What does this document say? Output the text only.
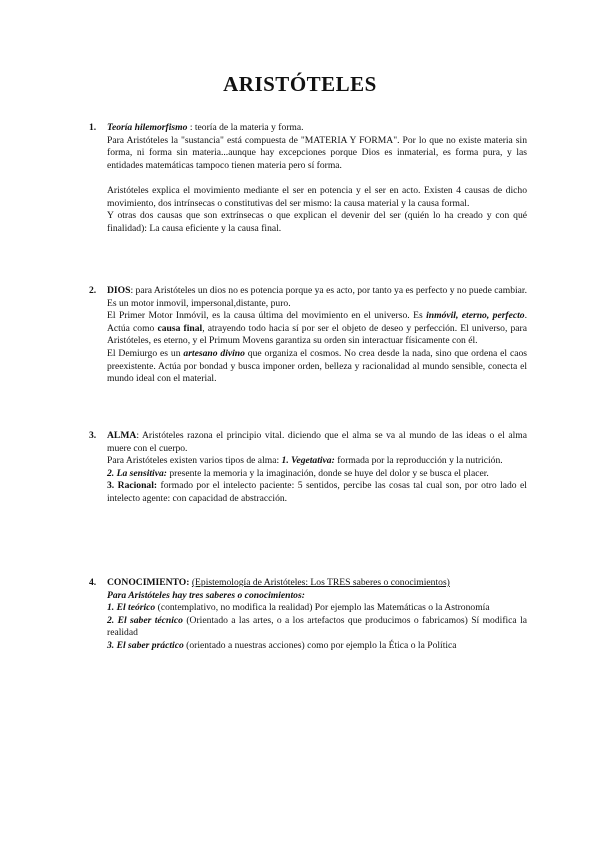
ARISTÓTELES
1. Teoría hilemorfismo : teoría de la materia y forma.

Para Aristóteles la "sustancia" está compuesta de "MATERIA Y FORMA". Por lo que no existe materia sin forma, ni forma sin materia...aunque hay excepciones porque Dios es inmaterial, es forma pura, y las entidades matemáticas tampoco tienen materia pero sí forma.

Aristóteles explica el movimiento mediante el ser en potencia y el ser en acto. Existen 4 causas de dicho movimiento, dos intrínsecas o constitutivas del ser mismo: la causa material y la causa formal.

Y otras dos causas que son extrínsecas o que explican el devenir del ser (quién lo ha creado y con qué finalidad): La causa eficiente y la causa final.

2. DIOS: para Aristóteles un dios no es potencia porque ya es acto, por tanto ya es perfecto y no puede cambiar. Es un motor inmovil, impersonal,distante, puro.

El Primer Motor Inmóvil, es la causa última del movimiento en el universo. Es inmóvil, eterno, perfecto. Actúa como causa final, atrayendo todo hacia sí por ser el objeto de deseo y perfección. El universo, para Aristóteles, es eterno, y el Primum Movens garantiza su orden sin interactuar físicamente con él.

El Demiurgo es un artesano divino que organiza el cosmos. No crea desde la nada, sino que ordena el caos preexistente. Actúa por bondad y busca imponer orden, belleza y racionalidad al mundo sensible, conecta el mundo ideal con el material.

3. ALMA: Aristóteles razona el principio vital. diciendo que el alma se va al mundo de las ideas o el alma muere con el cuerpo.

Para Aristóteles existen varios tipos de alma: 1. Vegetativa: formada por la reproducción y la nutrición.

2. La sensitiva: presente la memoria y la imaginación, donde se huye del dolor y se busca el placer.

3. Racional: formado por el intelecto paciente: 5 sentidos, percibe las cosas tal cual son, por otro lado el intelecto agente: con capacidad de abstracción.

4. CONOCIMIENTO: (Epistemología de Aristóteles: Los TRES saberes o conocimientos)

Para Aristóteles hay tres saberes o conocimientos:

1. El teórico (contemplativo, no modifica la realidad) Por ejemplo las Matemáticas o la Astronomía

2. El saber técnico (Orientado a las artes, o a los artefactos que producimos o fabricamos) Sí modifica la realidad

3. El saber práctico (orientado a nuestras acciones) como por ejemplo la Ética o la Política
